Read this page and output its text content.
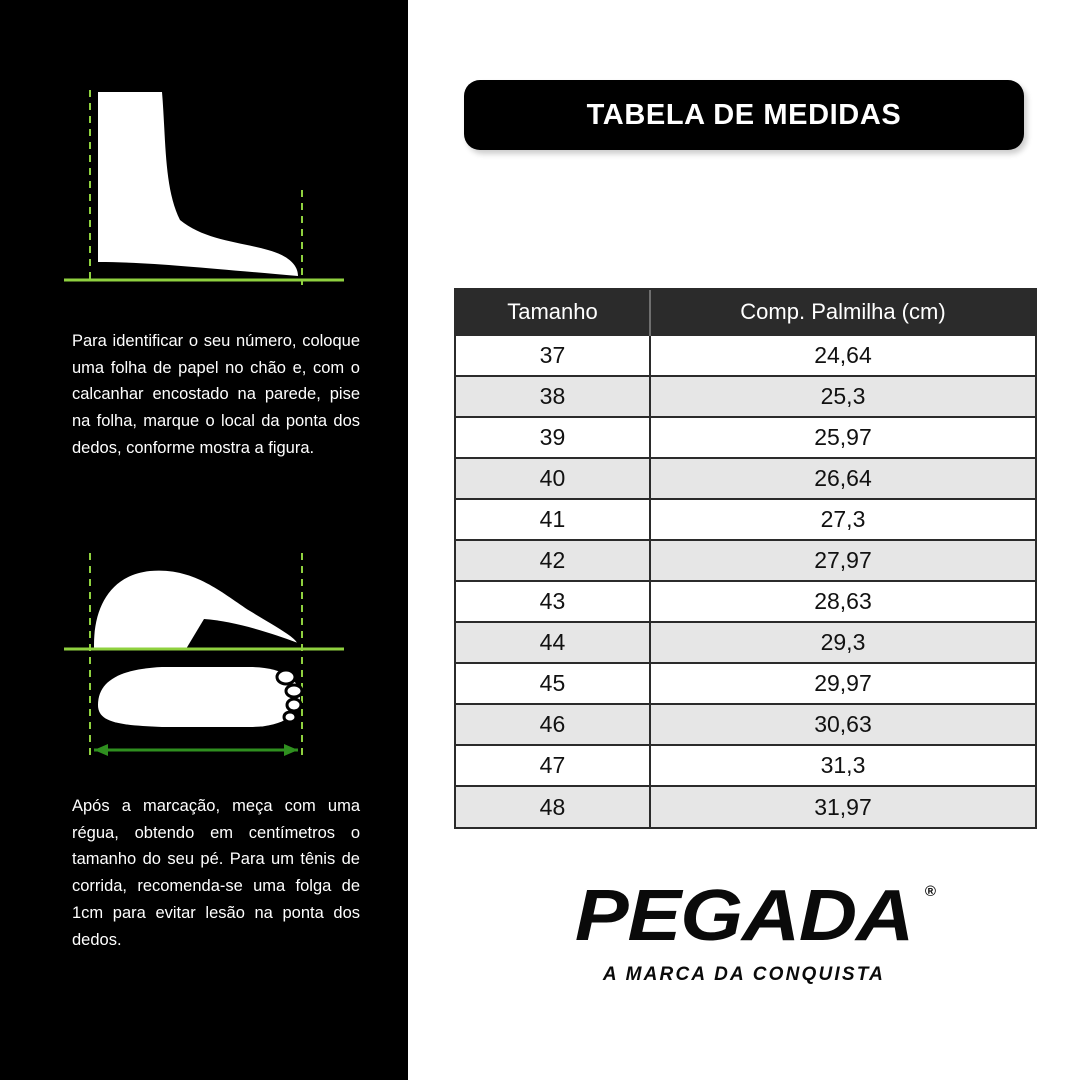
Para identificar o seu número, coloque uma folha de papel no chão e, com o calcanhar encostado na parede, pise na folha, marque o local da ponta dos dedos, conforme mostra a figura.
Após a marcação, meça com uma régua, obtendo em centímetros o tamanho do seu pé. Para um tênis de corrida, recomenda-se uma folga de 1cm para evitar lesão na ponta dos dedos.
TABELA DE MEDIDAS
Tamanho	Comp. Palmilha (cm)
37	24,64
38	25,3
39	25,97
40	26,64
41	27,3
42	27,97
43	28,63
44	29,3
45	29,97
46	30,63
47	31,3
48	31,97
PEGADA ®
A MARCA DA CONQUISTA
